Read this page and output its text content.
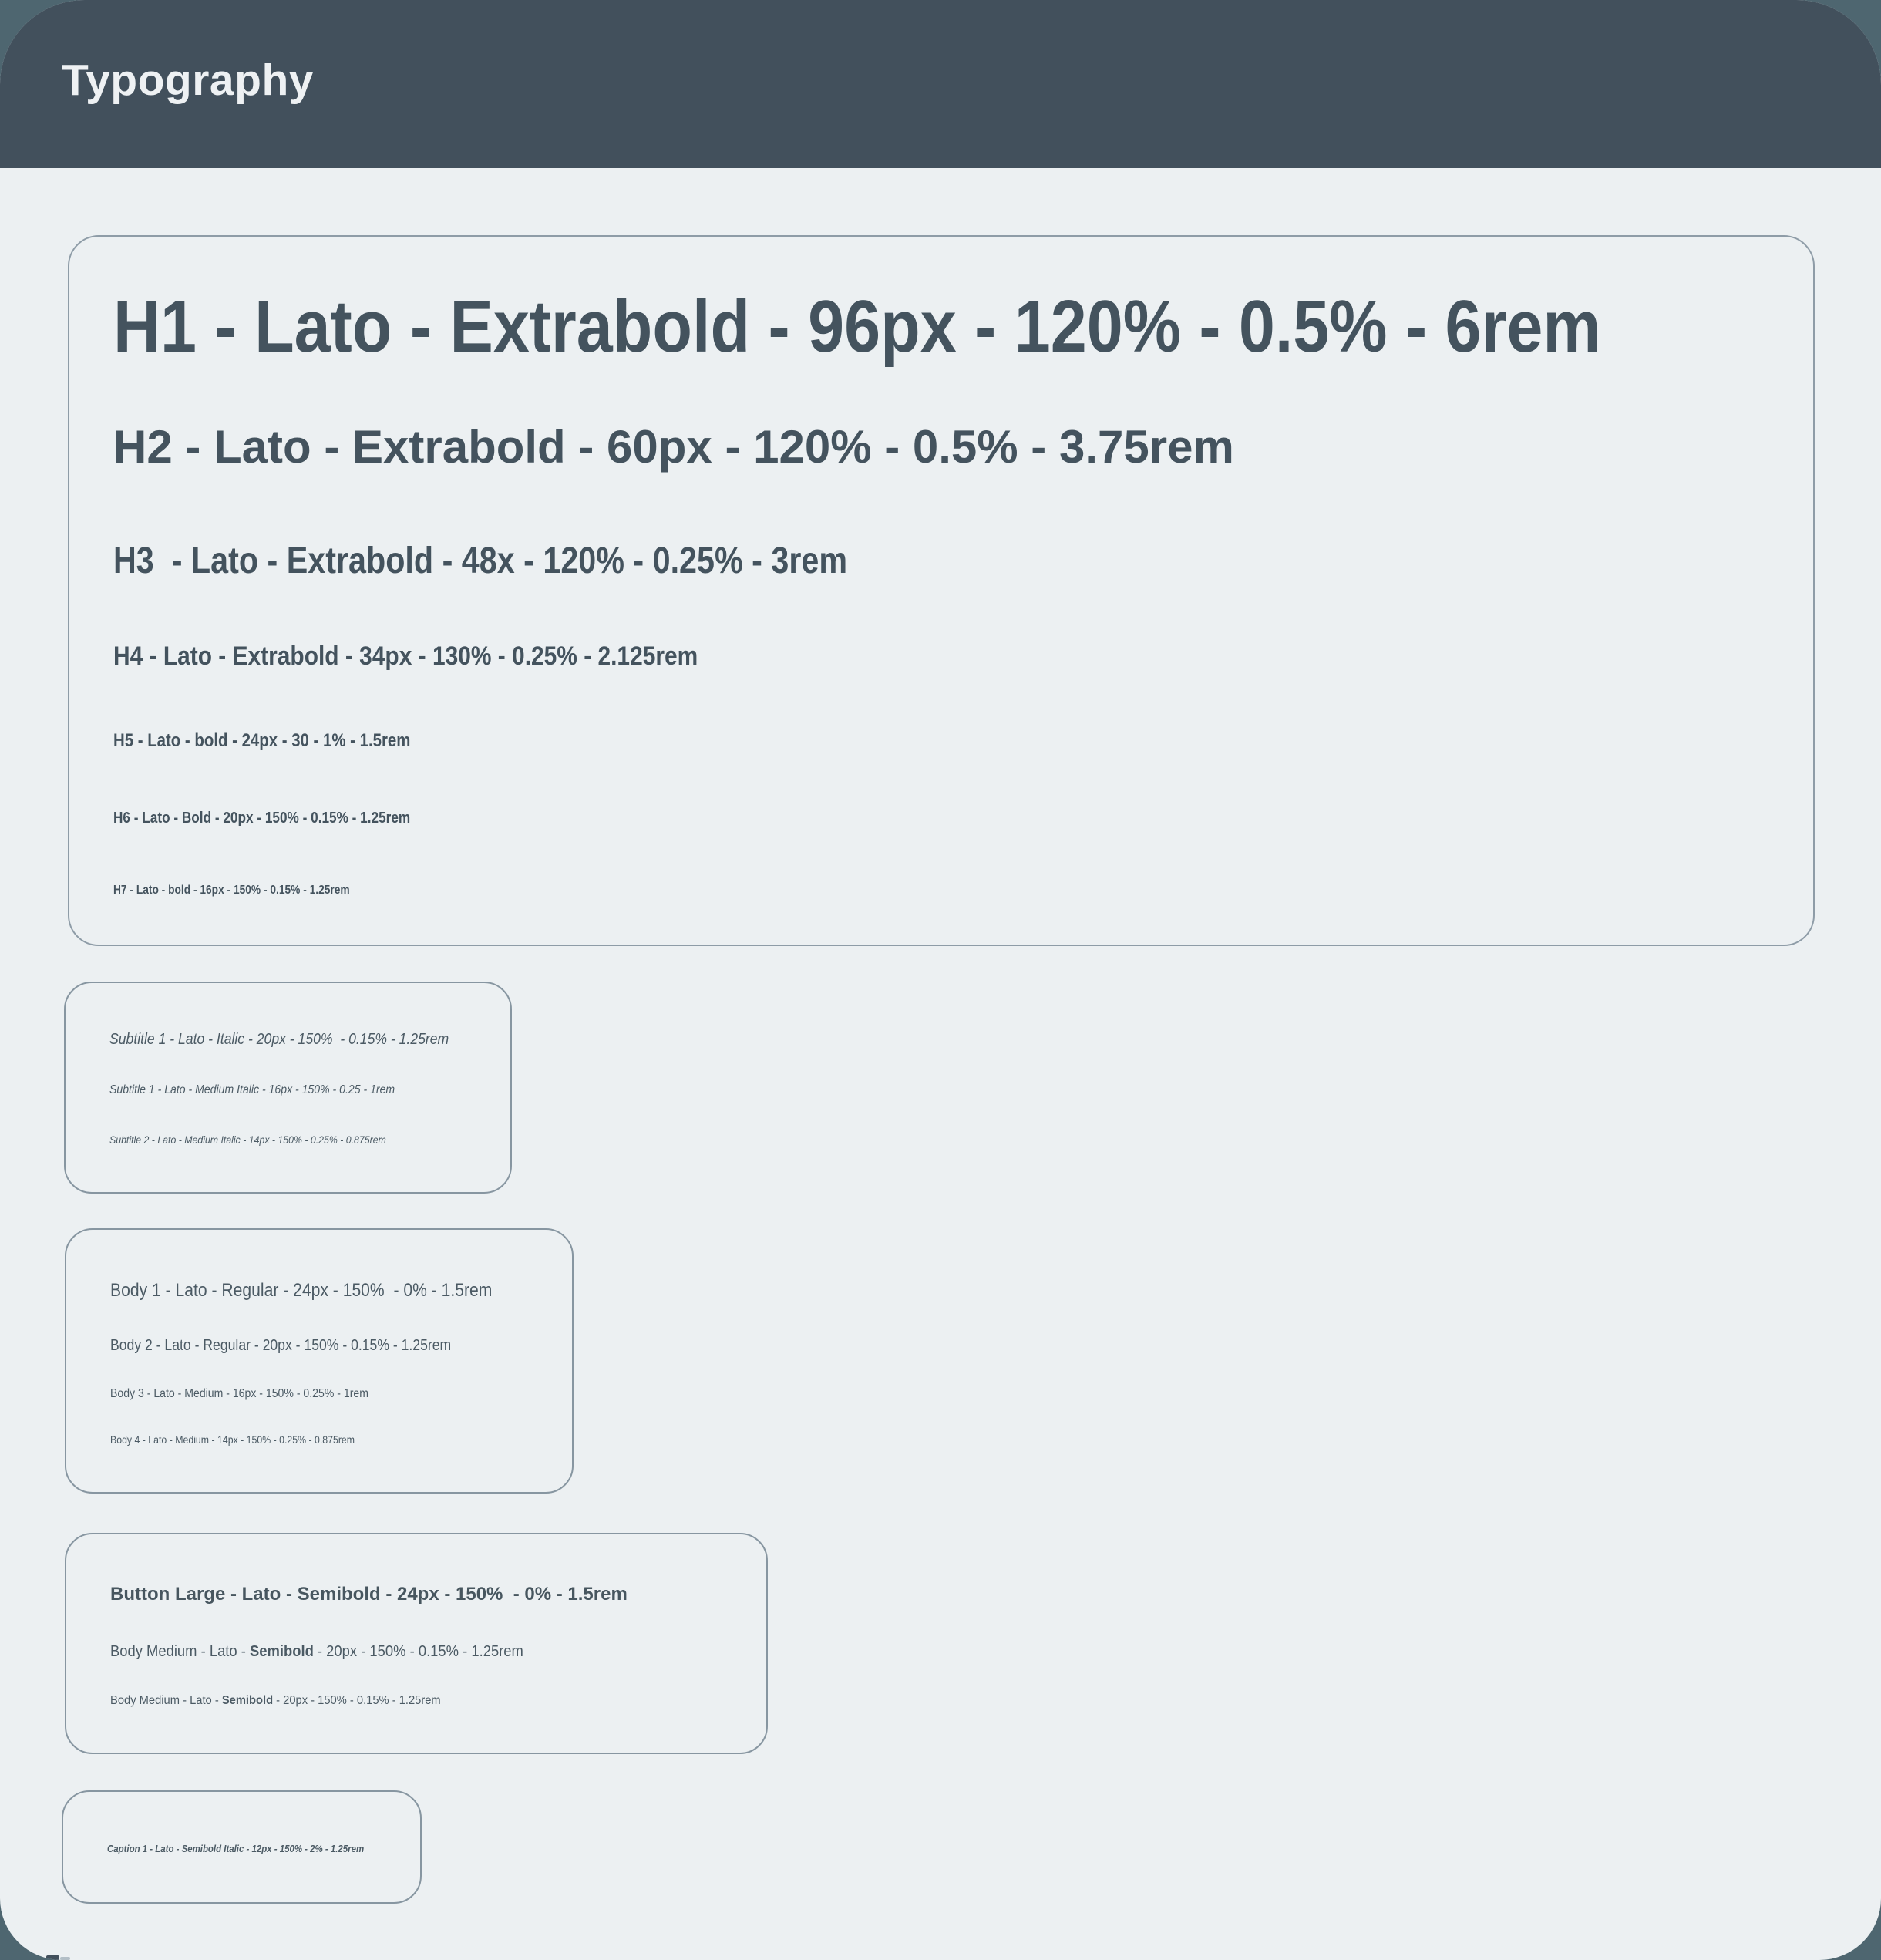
Typography
H1 - Lato - Extrabold - 96px - 120% - 0.5% - 6rem
H2 - Lato - Extrabold - 60px - 120% - 0.5% - 3.75rem
H3  - Lato - Extrabold - 48x - 120% - 0.25% - 3rem
H4 - Lato - Extrabold - 34px - 130% - 0.25% - 2.125rem
H5 - Lato - bold - 24px - 30 - 1% - 1.5rem
H6 - Lato - Bold - 20px - 150% - 0.15% - 1.25rem
H7 - Lato - bold - 16px - 150% - 0.15% - 1.25rem
Subtitle 1 - Lato - Italic - 20px - 150%  - 0.15% - 1.25rem
Subtitle 1 - Lato - Medium Italic - 16px - 150% - 0.25 - 1rem
Subtitle 2 - Lato - Medium Italic - 14px - 150% - 0.25% - 0.875rem
Body 1 - Lato - Regular - 24px - 150%  - 0% - 1.5rem
Body 2 - Lato - Regular - 20px - 150% - 0.15% - 1.25rem
Body 3 - Lato - Medium - 16px - 150% - 0.25% - 1rem
Body 4 - Lato - Medium - 14px - 150% - 0.25% - 0.875rem
Button Large - Lato - Semibold - 24px - 150%  - 0% - 1.5rem
Body Medium - Lato - Semibold - 20px - 150% - 0.15% - 1.25rem
Body Medium - Lato - Semibold - 20px - 150% - 0.15% - 1.25rem
Caption 1 - Lato - Semibold Italic - 12px - 150% - 2% - 1.25rem
